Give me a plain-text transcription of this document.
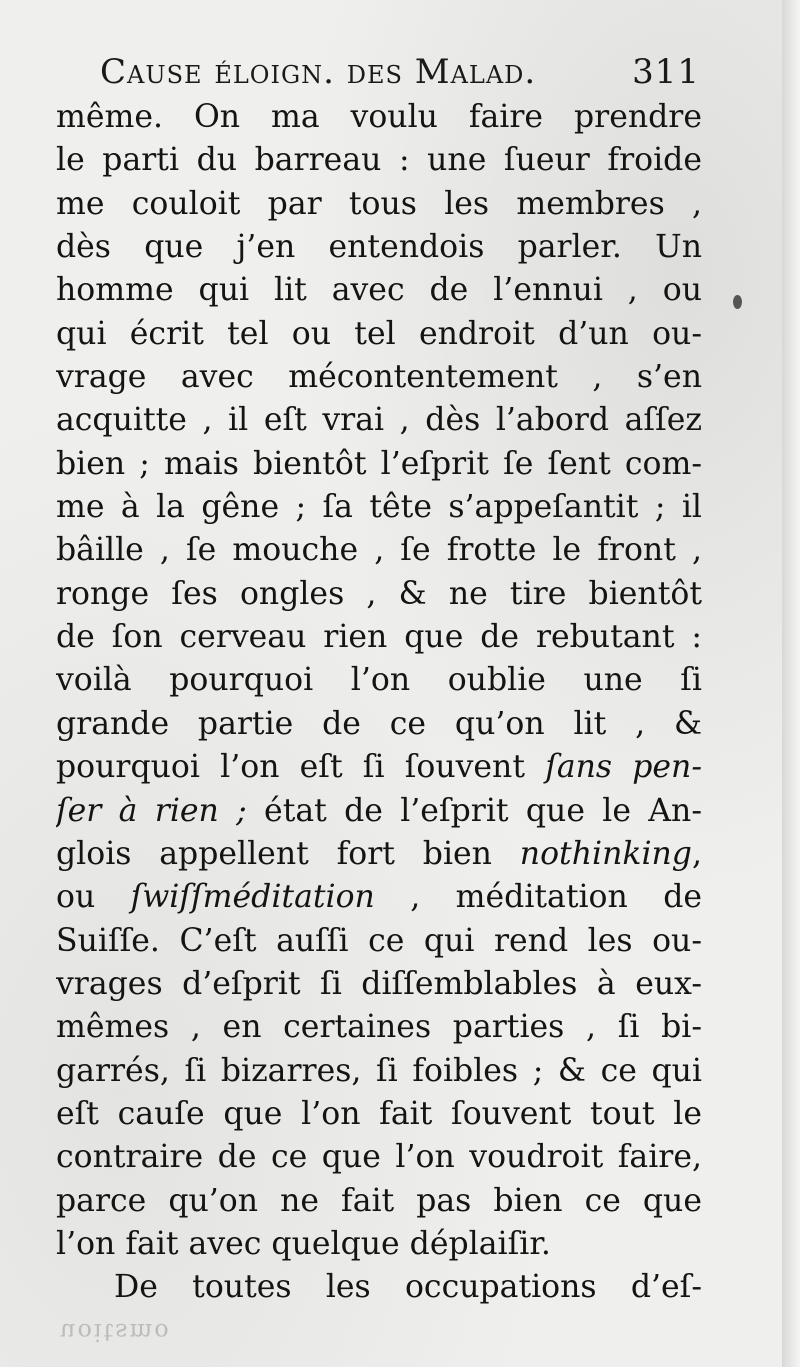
Cause éloign. des Malad.	311
même. On ma voulu faire prendre
le parti du barreau : une ſueur froide
me couloit par tous les membres ,
dès que j’en entendois parler. Un
homme qui lit avec de l’ennui , ou
qui écrit tel ou tel endroit d’un ou-
vrage avec mécontentement , s’en
acquitte , il eſt vrai , dès l’abord aſſez
bien ; mais bientôt l’eſprit ſe ſent com-
me à la gêne ; ſa tête s’appeſantit ; il
bâille , ſe mouche , ſe frotte le front ,
ronge ſes ongles , & ne tire bientôt
de ſon cerveau rien que de rebutant :
voilà pourquoi l’on oublie une ſi
grande partie de ce qu’on lit , &
pourquoi l’on eſt ſi ſouvent ſans pen-
ſer à rien ; état de l’eſprit que le An-
glois appellent fort bien nothinking,
ou ſwiſſméditation , méditation de
Suiſſe. C’eſt auſſi ce qui rend les ou-
vrages d’eſprit ſi diſſemblables à eux-
mêmes , en certaines parties , ſi bi-
garrés, ſi bizarres, ſi foibles ; & ce qui
eſt cauſe que l’on fait ſouvent tout le
contraire de ce que l’on voudroit faire,
parce qu’on ne fait pas bien ce que
l’on fait avec quelque déplaiſir.
De toutes les occupations d’eſ-
uoitsmo
